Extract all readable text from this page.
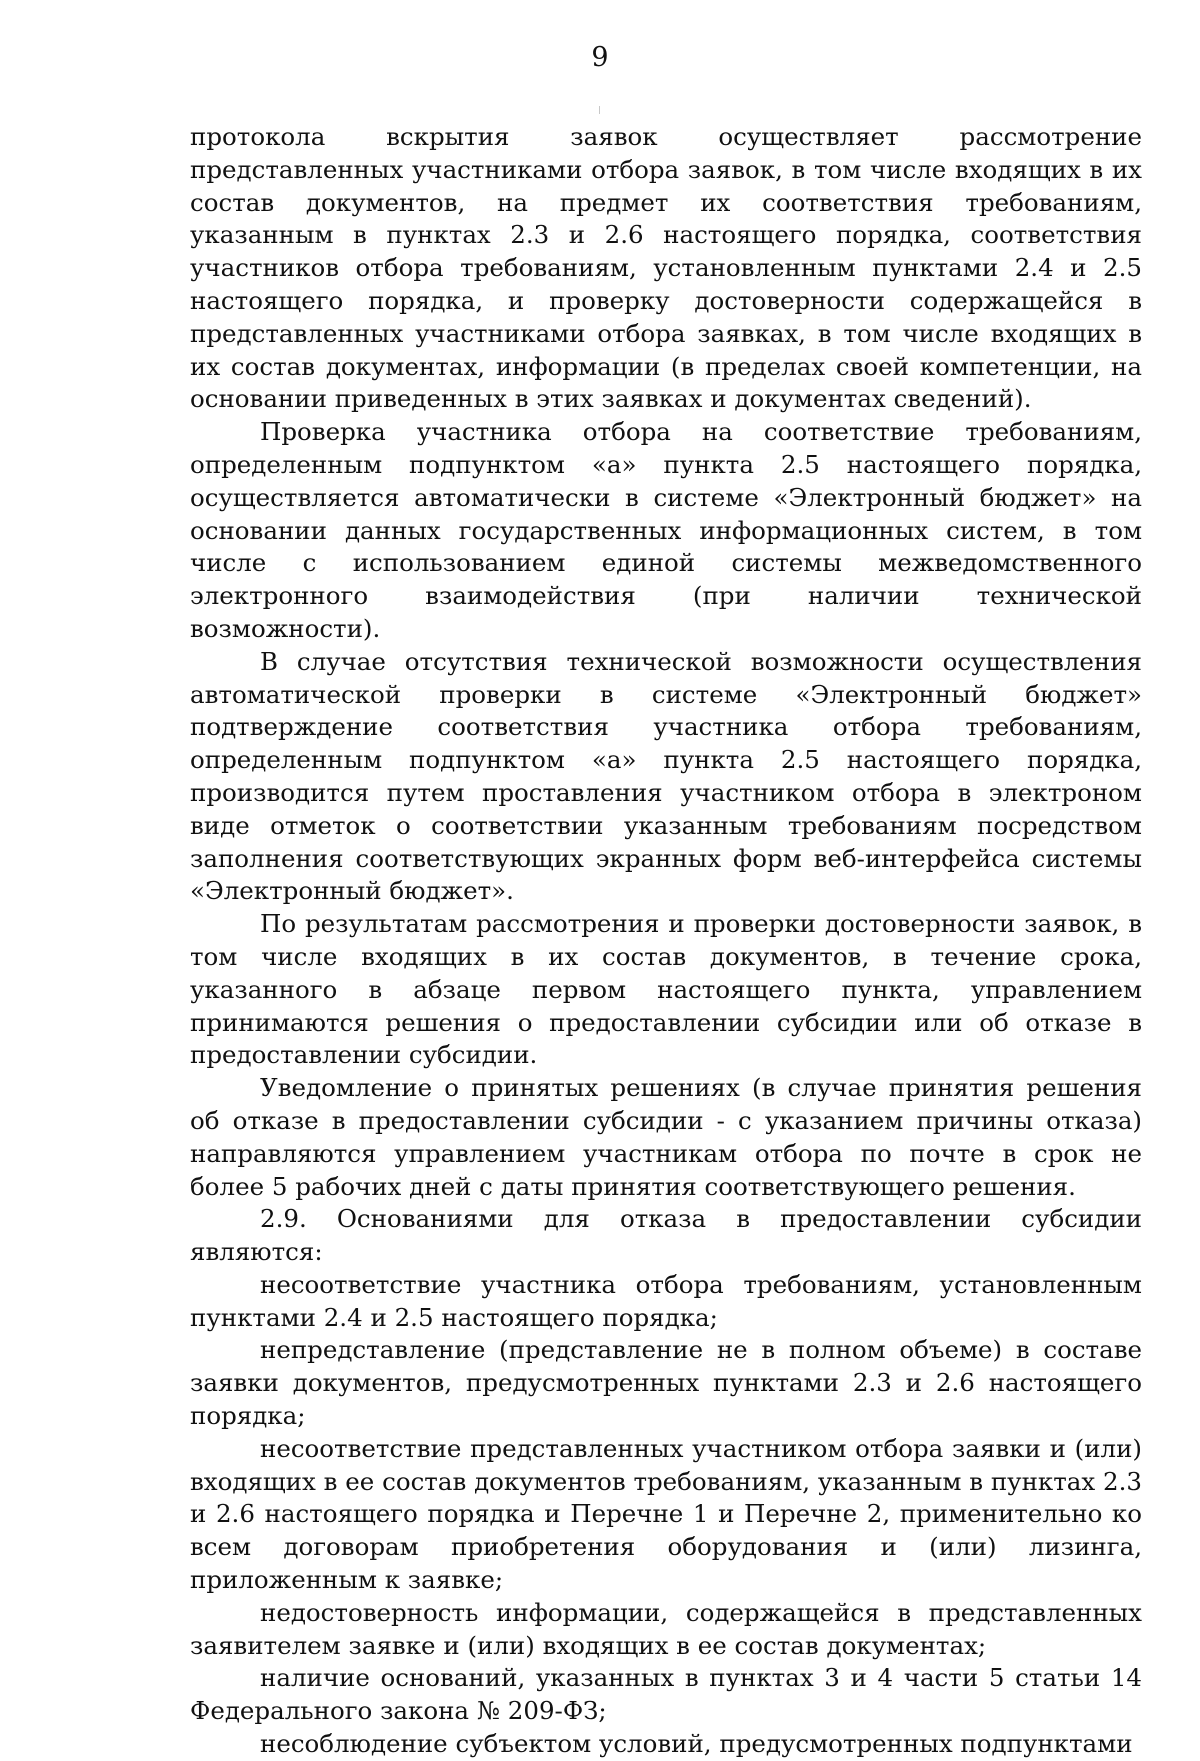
9

протокола вскрытия заявок осуществляет рассмотрение представленных участниками отбора заявок, в том числе входящих в их состав документов, на предмет их соответствия требованиям, указанным в пунктах 2.3 и 2.6 настоящего порядка, соответствия участников отбора требованиям, установленным пунктами 2.4 и 2.5 настоящего порядка, и проверку достоверности содержащейся в представленных участниками отбора заявках, в том числе входящих в их состав документах, информации (в пределах своей компетенции, на основании приведенных в этих заявках и документах сведений).

Проверка участника отбора на соответствие требованиям, определенным подпунктом «а» пункта 2.5 настоящего порядка, осуществляется автоматически в системе «Электронный бюджет» на основании данных государственных информационных систем, в том числе с использованием единой системы межведомственного электронного взаимодействия (при наличии технической возможности).

В случае отсутствия технической возможности осуществления автоматической проверки в системе «Электронный бюджет» подтверждение соответствия участника отбора требованиям, определенным подпунктом «а» пункта 2.5 настоящего порядка, производится путем проставления участником отбора в электроном виде отметок о соответствии указанным требованиям посредством заполнения соответствующих экранных форм веб-интерфейса системы «Электронный бюджет».

По результатам рассмотрения и проверки достоверности заявок, в том числе входящих в их состав документов, в течение срока, указанного в абзаце первом настоящего пункта, управлением принимаются решения о предоставлении субсидии или об отказе в предоставлении субсидии.

Уведомление о принятых решениях (в случае принятия решения об отказе в предоставлении субсидии - с указанием причины отказа) направляются управлением участникам отбора по почте в срок не более 5 рабочих дней с даты принятия соответствующего решения.

2.9. Основаниями для отказа в предоставлении субсидии являются:

несоответствие участника отбора требованиям, установленным пунктами 2.4 и 2.5 настоящего порядка;

непредставление (представление не в полном объеме) в составе заявки документов, предусмотренных пунктами 2.3 и 2.6 настоящего порядка;

несоответствие представленных участником отбора заявки и (или) входящих в ее состав документов требованиям, указанным в пунктах 2.3 и 2.6 настоящего порядка и Перечне 1 и Перечне 2, применительно ко всем договорам приобретения оборудования и (или) лизинга, приложенным к заявке;

недостоверность информации, содержащейся в представленных заявителем заявке и (или) входящих в ее состав документах;

наличие оснований, указанных в пунктах 3 и 4 части 5 статьи 14 Федерального закона № 209-ФЗ;

несоблюдение субъектом условий, предусмотренных подпунктами
